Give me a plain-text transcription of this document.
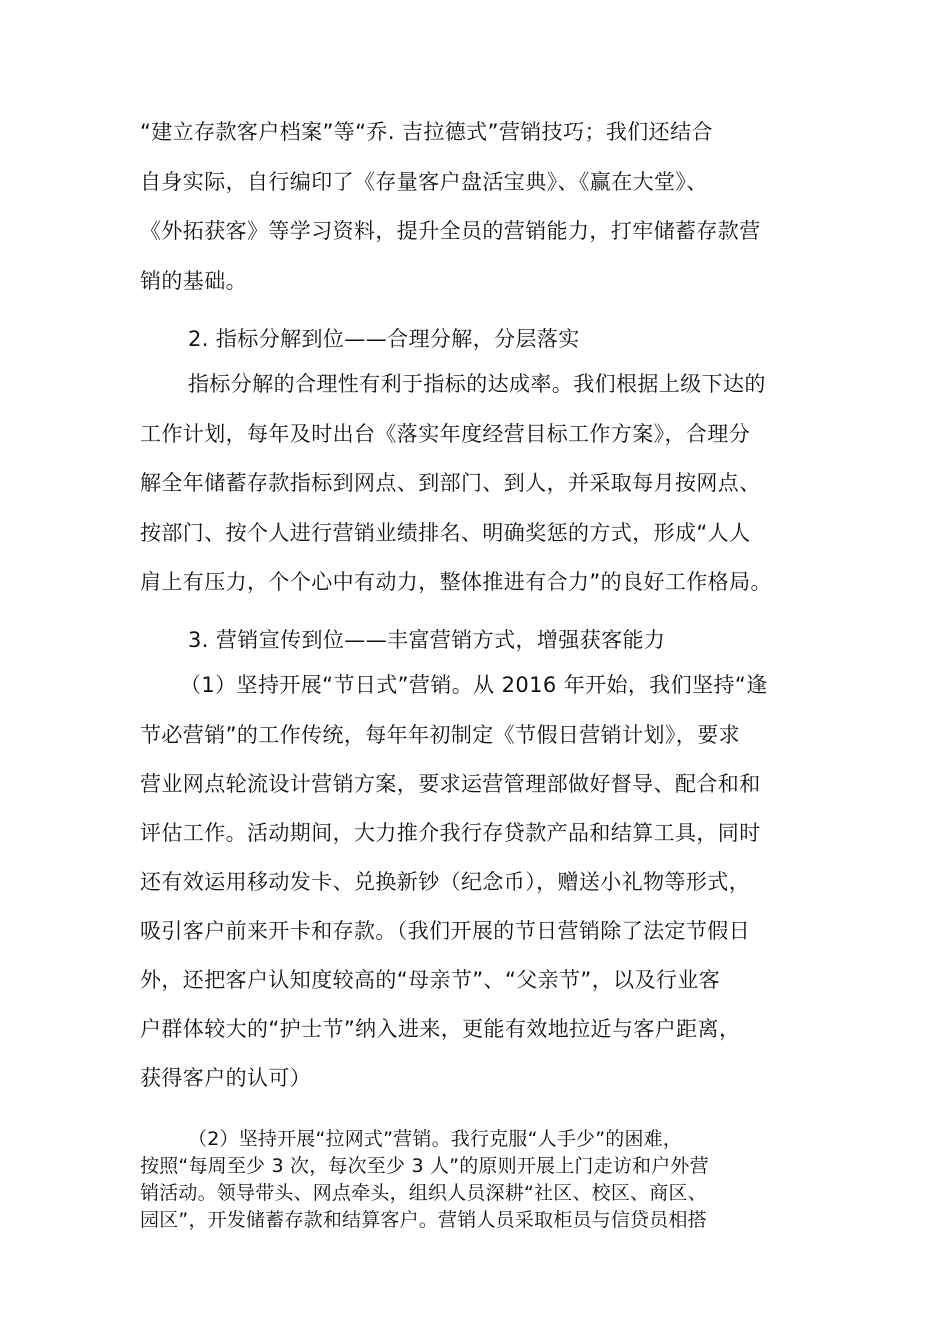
“建立存款客户档案”等“乔. 吉拉德式”营销技巧；我们还结合
自身实际，自行编印了《存量客户盘活宝典》、《赢在大堂》、
《外拓获客》等学习资料，提升全员的营销能力，打牢储蓄存款营
销的基础。
2. 指标分解到位——合理分解，分层落实
指标分解的合理性有利于指标的达成率。我们根据上级下达的
工作计划，每年及时出台《落实年度经营目标工作方案》，合理分
解全年储蓄存款指标到网点、到部门、到人，并采取每月按网点、
按部门、按个人进行营销业绩排名、明确奖惩的方式，形成“人人
肩上有压力，个个心中有动力，整体推进有合力”的良好工作格局。
3. 营销宣传到位——丰富营销方式，增强获客能力
（1）坚持开展“节日式”营销。从 2016 年开始，我们坚持“逢
节必营销”的工作传统，每年年初制定《节假日营销计划》，要求
营业网点轮流设计营销方案，要求运营管理部做好督导、配合和和
评估工作。活动期间，大力推介我行存贷款产品和结算工具，同时
还有效运用移动发卡、兑换新钞（纪念币），赠送小礼物等形式，
吸引客户前来开卡和存款。（我们开展的节日营销除了法定节假日
外，还把客户认知度较高的“母亲节”、“父亲节”，以及行业客
户群体较大的“护士节”纳入进来，更能有效地拉近与客户距离，
获得客户的认可）
（2）坚持开展“拉网式”营销。我行克服“人手少”的困难，
按照“每周至少 3 次，每次至少 3 人”的原则开展上门走访和户外营
销活动。领导带头、网点牵头，组织人员深耕“社区、校区、商区、
园区”，开发储蓄存款和结算客户。营销人员采取柜员与信贷员相搭
